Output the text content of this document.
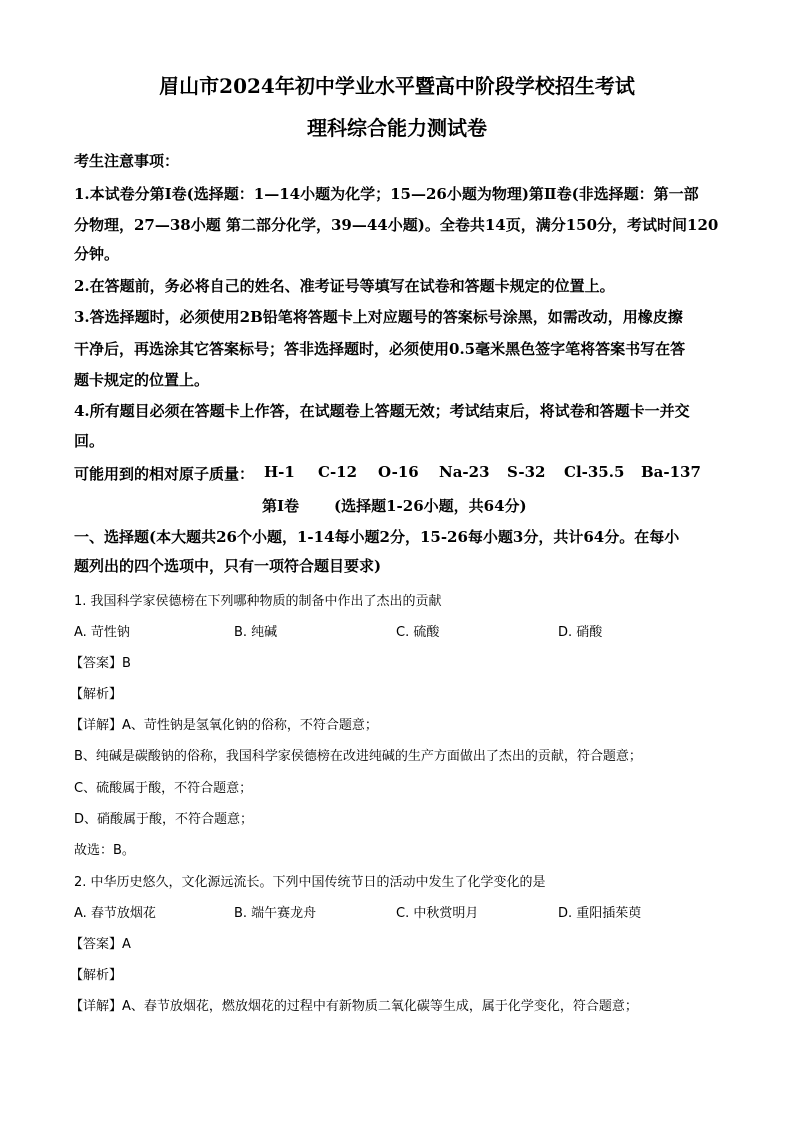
眉山市2024年初中学业水平暨高中阶段学校招生考试
理科综合能力测试卷
考生注意事项：
1.本试卷分第Ⅰ卷(选择题：1—14小题为化学；15—26小题为物理)第Ⅱ卷(非选择题：第一部
分物理，27—38小题 第二部分化学，39—44小题)。全卷共14页，满分150分，考试时间120
分钟。
2.在答题前，务必将自己的姓名、准考证号等填写在试卷和答题卡规定的位置上。
3.答选择题时，必须使用2B铅笔将答题卡上对应题号的答案标号涂黑，如需改动，用橡皮擦
干净后，再选涂其它答案标号；答非选择题时，必须使用0.5毫米黑色签字笔将答案书写在答
题卡规定的位置上。
4.所有题目必须在答题卡上作答，在试题卷上答题无效；考试结束后，将试卷和答题卡一并交
回。
可能用到的相对原子质量： H-1 C-12 O-16 Na-23 S-32 Cl-35.5 Ba-137
第Ⅰ卷 (选择题1-26小题，共64分)
一、选择题(本大题共26个小题，1-14每小题2分，15-26每小题3分，共计64分。在每小
题列出的四个选项中，只有一项符合题目要求)
1. 我国科学家侯德榜在下列哪种物质的制备中作出了杰出的贡献
A. 苛性钠	B. 纯碱	C. 硫酸	D. 硝酸
【答案】B
【解析】
【详解】A、苛性钠是氢氧化钠的俗称，不符合题意；
B、纯碱是碳酸钠的俗称，我国科学家侯德榜在改进纯碱的生产方面做出了杰出的贡献，符合题意；
C、硫酸属于酸，不符合题意；
D、硝酸属于酸，不符合题意；
故选：B。
2. 中华历史悠久，文化源远流长。下列中国传统节日的活动中发生了化学变化的是
A. 春节放烟花	B. 端午赛龙舟	C. 中秋赏明月	D. 重阳插茱萸
【答案】A
【解析】
【详解】A、春节放烟花，燃放烟花的过程中有新物质二氧化碳等生成，属于化学变化，符合题意；
